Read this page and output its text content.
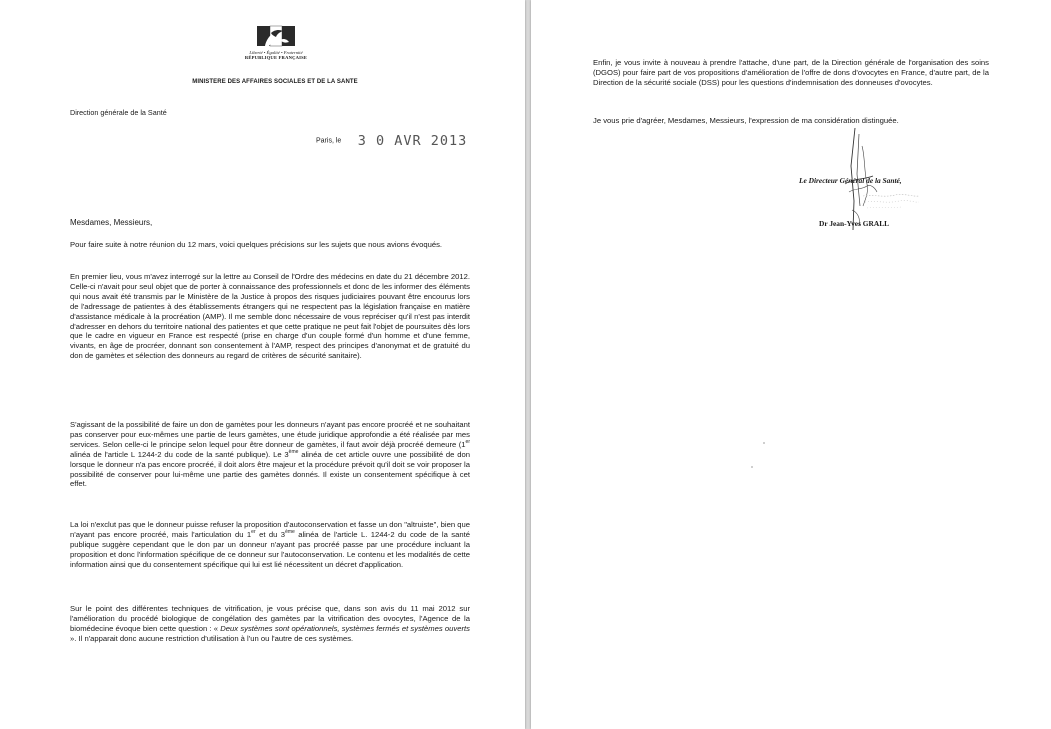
Liberté • Égalité • Fraternité
RÉPUBLIQUE FRANÇAISE
MINISTERE DES AFFAIRES SOCIALES ET DE LA SANTE
Direction générale de la Santé
Paris, le 3 0 AVR 2013
Mesdames, Messieurs,
Pour faire suite à notre réunion du 12 mars, voici quelques précisions sur les sujets que nous avions évoqués.
En premier lieu, vous m'avez interrogé sur la lettre au Conseil de l'Ordre des médecins en date du 21 décembre 2012. Celle-ci n'avait pour seul objet que de porter à connaissance des professionnels et donc de les informer des éléments qui nous avait été transmis par le Ministère de la Justice à propos des risques judiciaires pouvant être encourus lors de l'adressage de patientes à des établissements étrangers qui ne respectent pas la législation française en matière d'assistance médicale à la procréation (AMP). Il me semble donc nécessaire de vous repréciser qu'il n'est pas interdit d'adresser en dehors du territoire national des patientes et que cette pratique ne peut fait l'objet de poursuites dès lors que le cadre en vigueur en France est respecté (prise en charge d'un couple formé d'un homme et d'une femme, vivants, en âge de procréer, donnant son consentement à l'AMP, respect des principes d'anonymat et de gratuité du don de gamètes et sélection des donneurs au regard de critères de sécurité sanitaire).
S'agissant de la possibilité de faire un don de gamètes pour les donneurs n'ayant pas encore procréé et ne souhaitant pas conserver pour eux-mêmes une partie de leurs gamètes, une étude juridique approfondie a été réalisée par mes services. Selon celle-ci le principe selon lequel pour être donneur de gamètes, il faut avoir déjà procréé demeure (1er alinéa de l'article L 1244-2 du code de la santé publique). Le 3ème alinéa de cet article ouvre une possibilité de don lorsque le donneur n'a pas encore procréé, il doit alors être majeur et la procédure prévoit qu'il doit se voir proposer la possibilité de conserver pour lui-même une partie des gamètes donnés. Il existe un consentement spécifique à cet effet.
La loi n'exclut pas que le donneur puisse refuser la proposition d'autoconservation et fasse un don "altruiste", bien que n'ayant pas encore procréé, mais l'articulation du 1er et du 3ème alinéa de l'article L. 1244-2 du code de la santé publique suggère cependant que le don par un donneur n'ayant pas procréé passe par une procédure incluant la proposition et donc l'information spécifique de ce donneur sur l'autoconservation. Le contenu et les modalités de cette information ainsi que du consentement spécifique qui lui est lié nécessitent un décret d'application.
Sur le point des différentes techniques de vitrification, je vous précise que, dans son avis du 11 mai 2012 sur l'amélioration du procédé biologique de congélation des gamètes par la vitrification des ovocytes, l'Agence de la biomédecine évoque bien cette question : « Deux systèmes sont opérationnels, systèmes fermés et systèmes ouverts ». Il n'apparait donc aucune restriction d'utilisation à l'un ou l'autre de ces systèmes.
Enfin, je vous invite à nouveau à prendre l'attache, d'une part, de la Direction générale de l'organisation des soins (DGOS) pour faire part de vos propositions d'amélioration de l'offre de dons d'ovocytes en France, d'autre part, de la Direction de la sécurité sociale (DSS) pour les questions d'indemnisation des donneuses d'ovocytes.
Je vous prie d'agréer, Mesdames, Messieurs, l'expression de ma considération distinguée.
Le Directeur Général de la Santé,
Dr Jean-Yves GRALL
